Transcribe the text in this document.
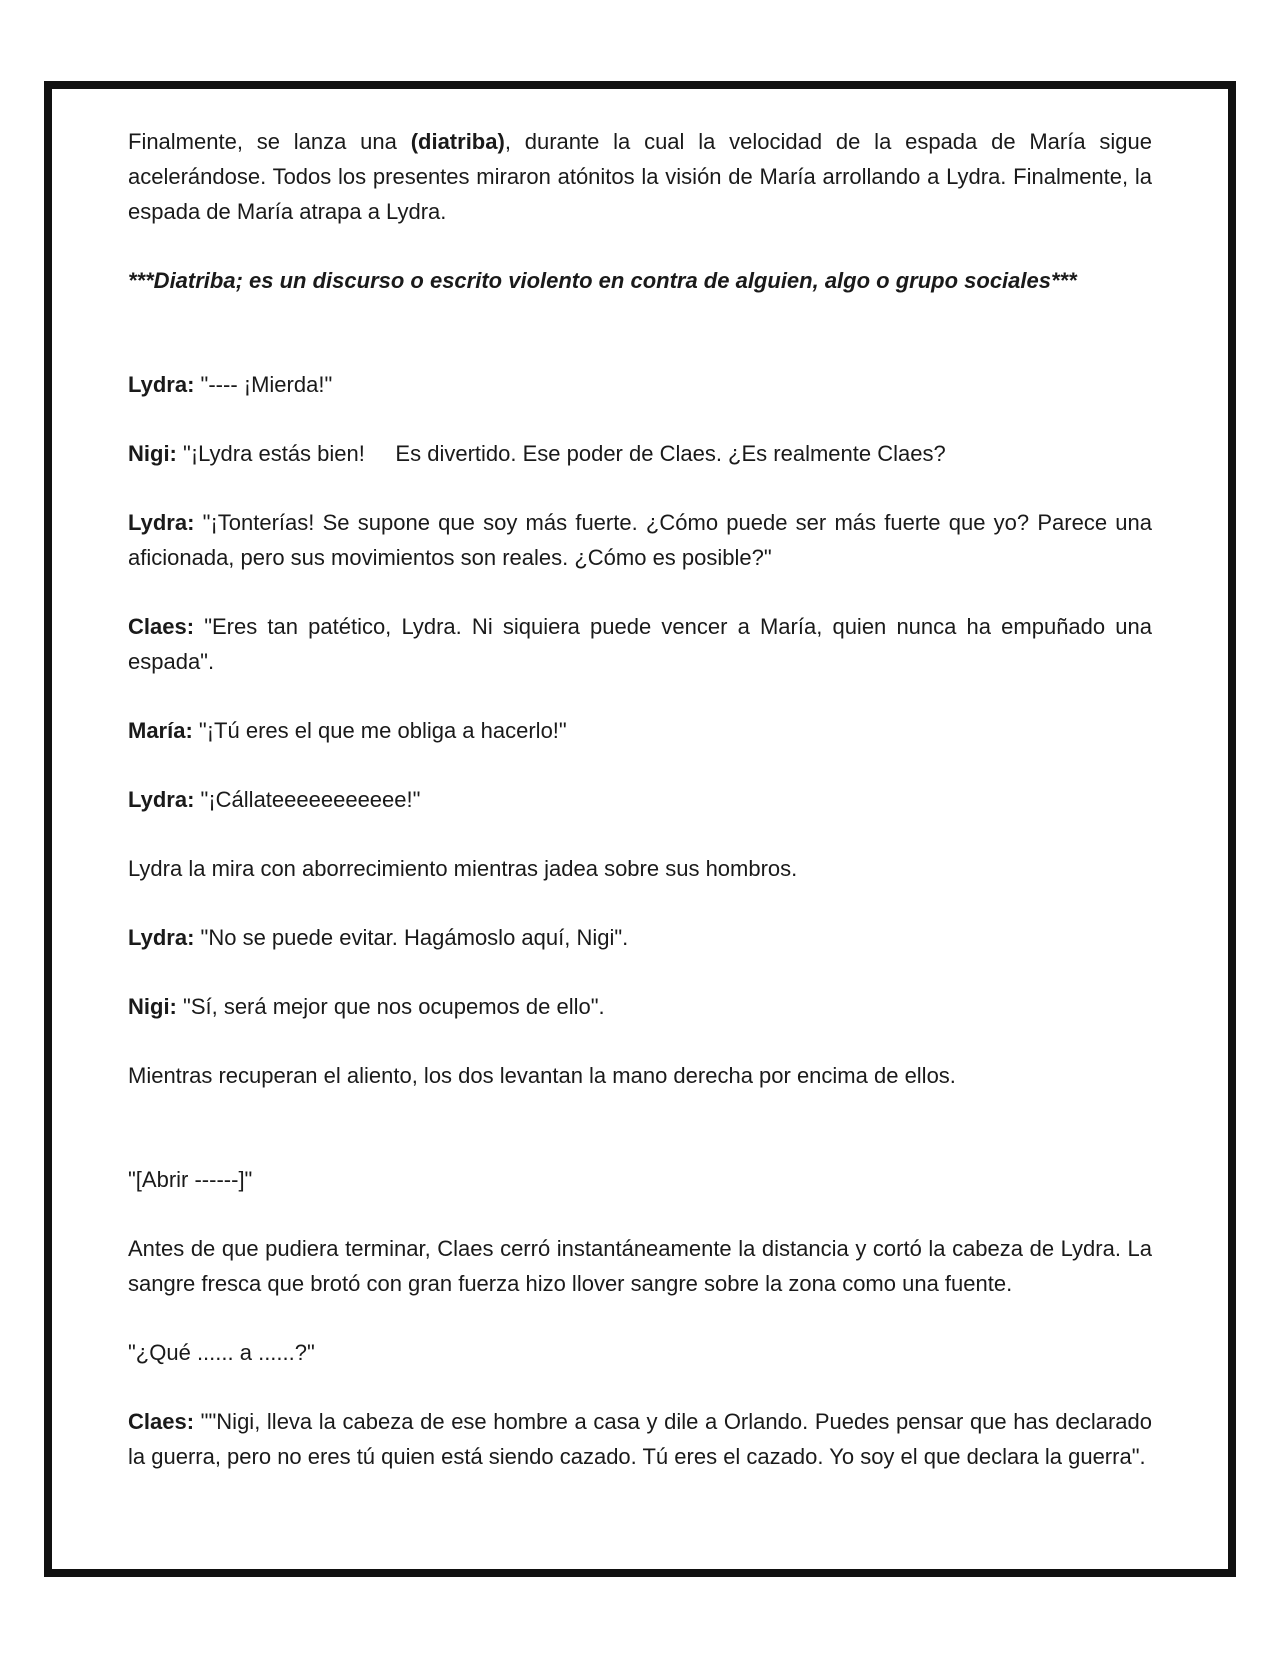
Finalmente, se lanza una (diatriba), durante la cual la velocidad de la espada de María sigue acelerándose. Todos los presentes miraron atónitos la visión de María arrollando a Lydra. Finalmente, la espada de María atrapa a Lydra.

***Diatriba; es un discurso o escrito violento en contra de alguien, algo o grupo sociales***

Lydra: "---- ¡Mierda!"

Nigi: "¡Lydra estás bien!     Es divertido. Ese poder de Claes. ¿Es realmente Claes?

Lydra: "¡Tonterías! Se supone que soy más fuerte. ¿Cómo puede ser más fuerte que yo? Parece una aficionada, pero sus movimientos son reales. ¿Cómo es posible?"

Claes: "Eres tan patético, Lydra. Ni siquiera puede vencer a María, quien nunca ha empuñado una espada".

María: "¡Tú eres el que me obliga a hacerlo!"

Lydra: "¡Cállateeeeeeeeeee!"

Lydra la mira con aborrecimiento mientras jadea sobre sus hombros.

Lydra: "No se puede evitar. Hagámoslo aquí, Nigi".

Nigi: "Sí, será mejor que nos ocupemos de ello".

Mientras recuperan el aliento, los dos levantan la mano derecha por encima de ellos.

"[Abrir ------]"

Antes de que pudiera terminar, Claes cerró instantáneamente la distancia y cortó la cabeza de Lydra. La sangre fresca que brotó con gran fuerza hizo llover sangre sobre la zona como una fuente.

"¿Qué ...... a ......?"

Claes: ""Nigi, lleva la cabeza de ese hombre a casa y dile a Orlando. Puedes pensar que has declarado la guerra, pero no eres tú quien está siendo cazado. Tú eres el cazado. Yo soy el que declara la guerra".
